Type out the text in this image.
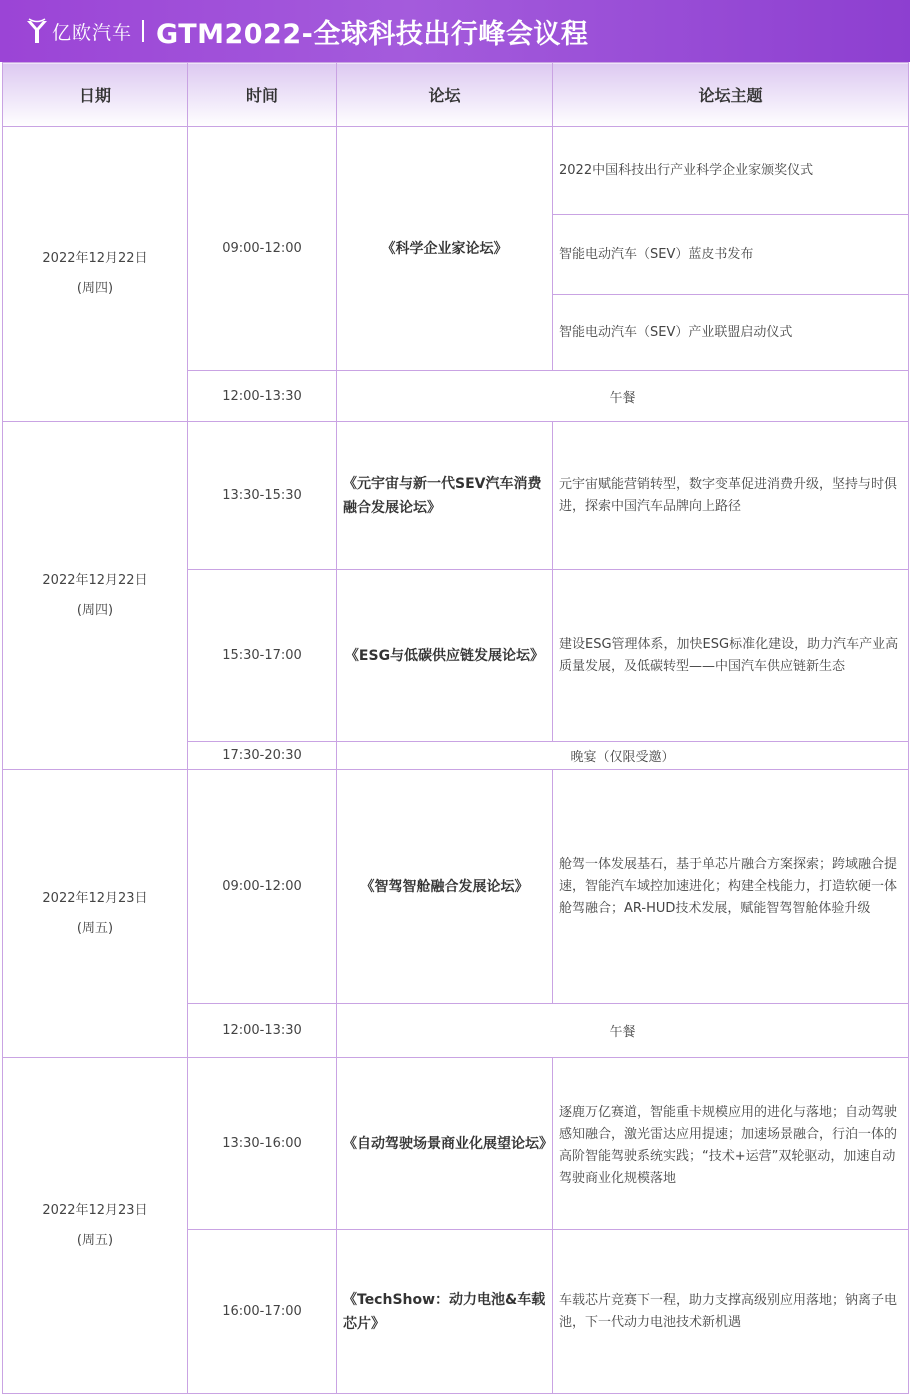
亿欧汽车 GTM2022-全球科技出行峰会议程
日期	时间	论坛	论坛主题

2022年12月22日
(周四)	09:00-12:00	《科学企业家论坛》	2022中国科技出行产业科学企业家颁奖仪式
			智能电动汽车（SEV）蓝皮书发布
			智能电动汽车（SEV）产业联盟启动仪式
	12:00-13:30	午餐	

2022年12月22日
(周四)	13:30-15:30	《元宇宙与新一代SEV汽车消费融合发展论坛》	元宇宙赋能营销转型，数字变革促进消费升级，坚持与时俱进，探索中国汽车品牌向上路径
	15:30-17:00	《ESG与低碳供应链发展论坛》	建设ESG管理体系，加快ESG标准化建设，助力汽车产业高质量发展，及低碳转型——中国汽车供应链新生态
	17:30-20:30	晚宴（仅限受邀）	

2022年12月23日
(周五)	09:00-12:00	《智驾智舱融合发展论坛》	舱驾一体发展基石，基于单芯片融合方案探索；跨域融合提速，智能汽车域控加速进化；构建全栈能力，打造软硬一体舱驾融合；AR-HUD技术发展，赋能智驾智舱体验升级
	12:00-13:30	午餐	

2022年12月23日
(周五)	13:30-16:00	《自动驾驶场景商业化展望论坛》	逐鹿万亿赛道，智能重卡规模应用的进化与落地；自动驾驶感知融合，激光雷达应用提速；加速场景融合，行泊一体的高阶智能驾驶系统实践；“技术+运营”双轮驱动，加速自动驾驶商业化规模落地
	16:00-17:00	《TechShow：动力电池&车载芯片》	车载芯片竞赛下一程，助力支撑高级别应用落地；钠离子电池，下一代动力电池技术新机遇
